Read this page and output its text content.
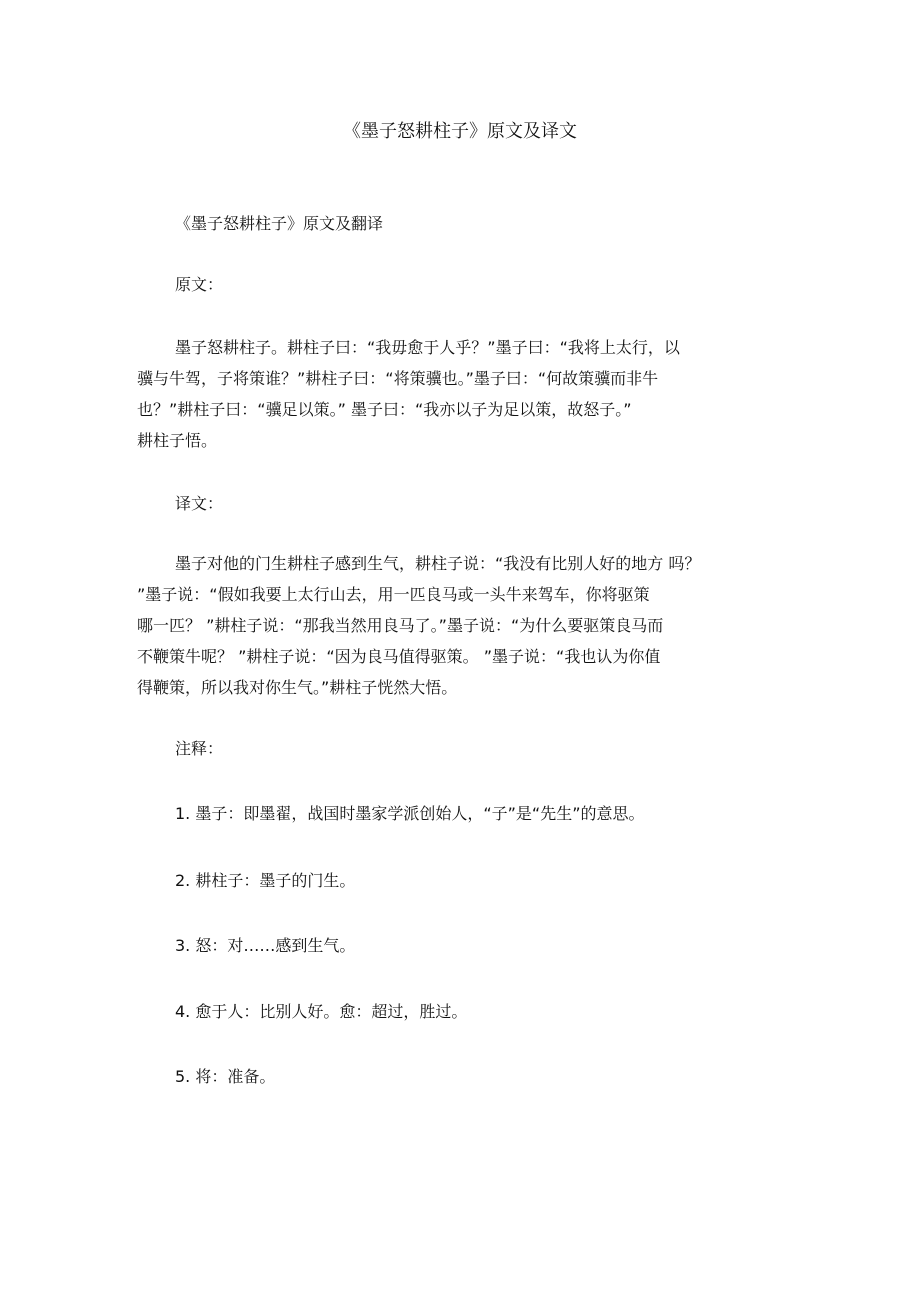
《墨子怒耕柱子》原文及译文
《墨子怒耕柱子》原文及翻译
原文：
墨子怒耕柱子。耕柱子曰：“我毋愈于人乎？”墨子曰：“我将上太行，以
骥与牛驾，子将策谁？”耕柱子曰：“将策骥也。”墨子曰：“何故策骥而非牛
也？”耕柱子曰：“骥足以策。” 墨子曰：“我亦以子为足以策，故怒子。”
耕柱子悟。
译文：
墨子对他的门生耕柱子感到生气，耕柱子说：“我没有比别人好的地方 吗？
”墨子说：“假如我要上太行山去，用一匹良马或一头牛来驾车，你将驱策
哪一匹？ ”耕柱子说：“那我当然用良马了。”墨子说：“为什么要驱策良马而
不鞭策牛呢？ ”耕柱子说：“因为良马值得驱策。 ”墨子说：“我也认为你值
得鞭策，所以我对你生气。”耕柱子恍然大悟。
注释：
1. 墨子：即墨翟，战国时墨家学派创始人，“子”是“先生”的意思。
2. 耕柱子：墨子的门生。
3. 怒：对……感到生气。
4. 愈于人：比别人好。愈：超过，胜过。
5. 将：准备。
